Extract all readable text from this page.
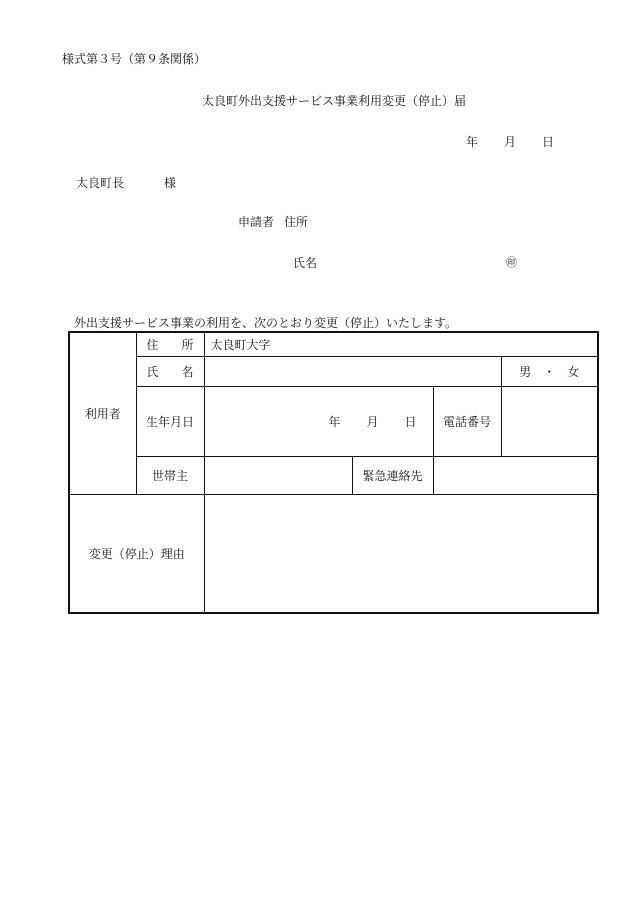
様式第３号（第９条関係）
太良町外出支援サービス事業利用変更（停止）届
年 月 日
太良町長	様
申請者 住所
氏名	㊞
外出支援サービス事業の利用を、次のとおり変更（停止）いたします。
利用者	住 所	太良町大字			

	氏 名				男 ・ 女
	生年月日	年 月 日		電話番号	
	世帯主		緊急連絡先		
変更（停止）理由					
